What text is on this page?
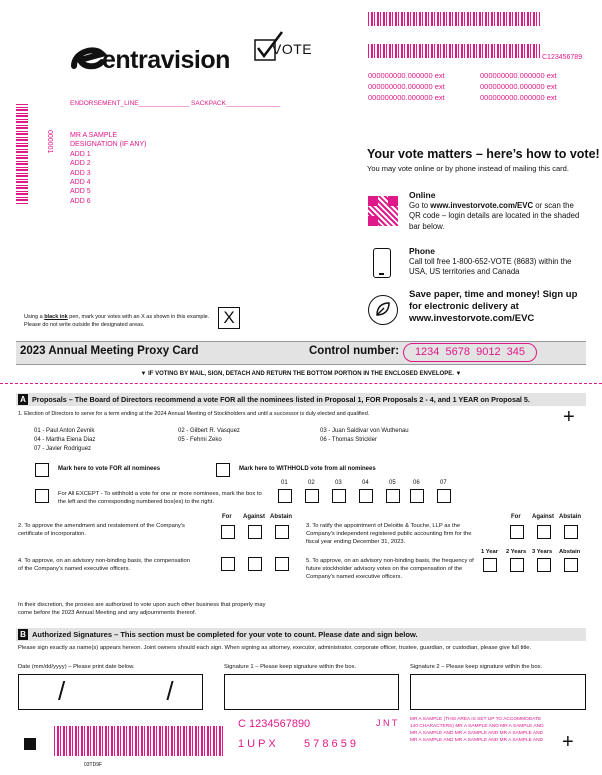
C123456789
entravision	VOTE
000000000.000000 ext	000000000.000000 ext
000000000.000000 ext	000000000.000000 ext
000000000.000000 ext	000000000.000000 ext
ENDORSEMENT_LINE______________ SACKPACK_______________
000001 MR A SAMPLE
DESIGNATION (IF ANY)
ADD 1
ADD 2
ADD 3
ADD 4
ADD 5
ADD 6
Your vote matters – here’s how to vote!
You may vote online or by phone instead of mailing this card.
Online
Go to www.investorvote.com/EVC or scan the QR code – login details are located in the shaded bar below.
Phone
Call toll free 1-800-652-VOTE (8683) within the USA, US territories and Canada
Save paper, time and money! Sign up for electronic delivery at www.investorvote.com/EVC
Using a black ink pen, mark your votes with an X as shown in this example.
Please do not write outside the designated areas.	X
2023 Annual Meeting Proxy Card	Control number:	1234  5678  9012  345
▼ IF VOTING BY MAIL, SIGN, DETACH AND RETURN THE BOTTOM PORTION IN THE ENCLOSED ENVELOPE. ▼
A Proposals – The Board of Directors recommend a vote FOR all the nominees listed in Proposal 1, FOR Proposals 2 - 4, and 1 YEAR on Proposal 5.
+
1. Election of Directors to serve for a term ending at the 2024 Annual Meeting of Stockholders and until a successor is duly elected and qualified.
01 - Paul Anton Zevnik	02 - Gilbert R. Vasquez	03 - Juan Saldivar von Wuthenau
04 - Martha Elena Diaz	05 - Fehmi Zeko	06 - Thomas Strickler
07 - Javier Rodriguez
Mark here to vote FOR all nominees	Mark here to WITHHOLD vote from all nominees
For All EXCEPT - To withhold a vote for one or more nominees, mark the box to the left and the corresponding numbered box(es) to the right.
01	02	03	04	05	06	07
For Against Abstain	For Against Abstain
2. To approve the amendment and restatement of the Company's certificate of incorporation.
3. To ratify the appointment of Deloitte & Touche, LLP as the Company's independent registered public accounting firm for the fiscal year ending December 31, 2023.
1 Year 2 Years 3 Years Abstain
4. To approve, on an advisory non-binding basis, the compensation of the Company's named executive officers.
5. To approve, on an advisory non-binding basis, the frequency of future stockholder advisory votes on the compensation of the Company's named executive officers.
In their discretion, the proxies are authorized to vote upon such other business that properly may come before the 2023 Annual Meeting and any adjournments thereof.
B Authorized Signatures – This section must be completed for your vote to count. Please date and sign below.
Please sign exactly as name(s) appears hereon. Joint owners should each sign. When signing as attorney, executor, administrator, corporate officer, trustee, guardian, or custodian, please give full title.
Date (mm/dd/yyyy) – Please print date below.	Signature 1 – Please keep signature within the box.	Signature 2 – Please keep signature within the box.
/              /
C 1234567890	J N T
1 U P X	5 7 8 6 5 9
MR A SAMPLE (THIS AREA IS SET UP TO ACCOMMODATE 140 CHARACTERS) MR A SAMPLE AND MR A SAMPLE AND MR A SAMPLE AND MR A SAMPLE AND MR A SAMPLE AND MR A SAMPLE AND MR A SAMPLE AND MR A SAMPLE AND +
03TD9F
